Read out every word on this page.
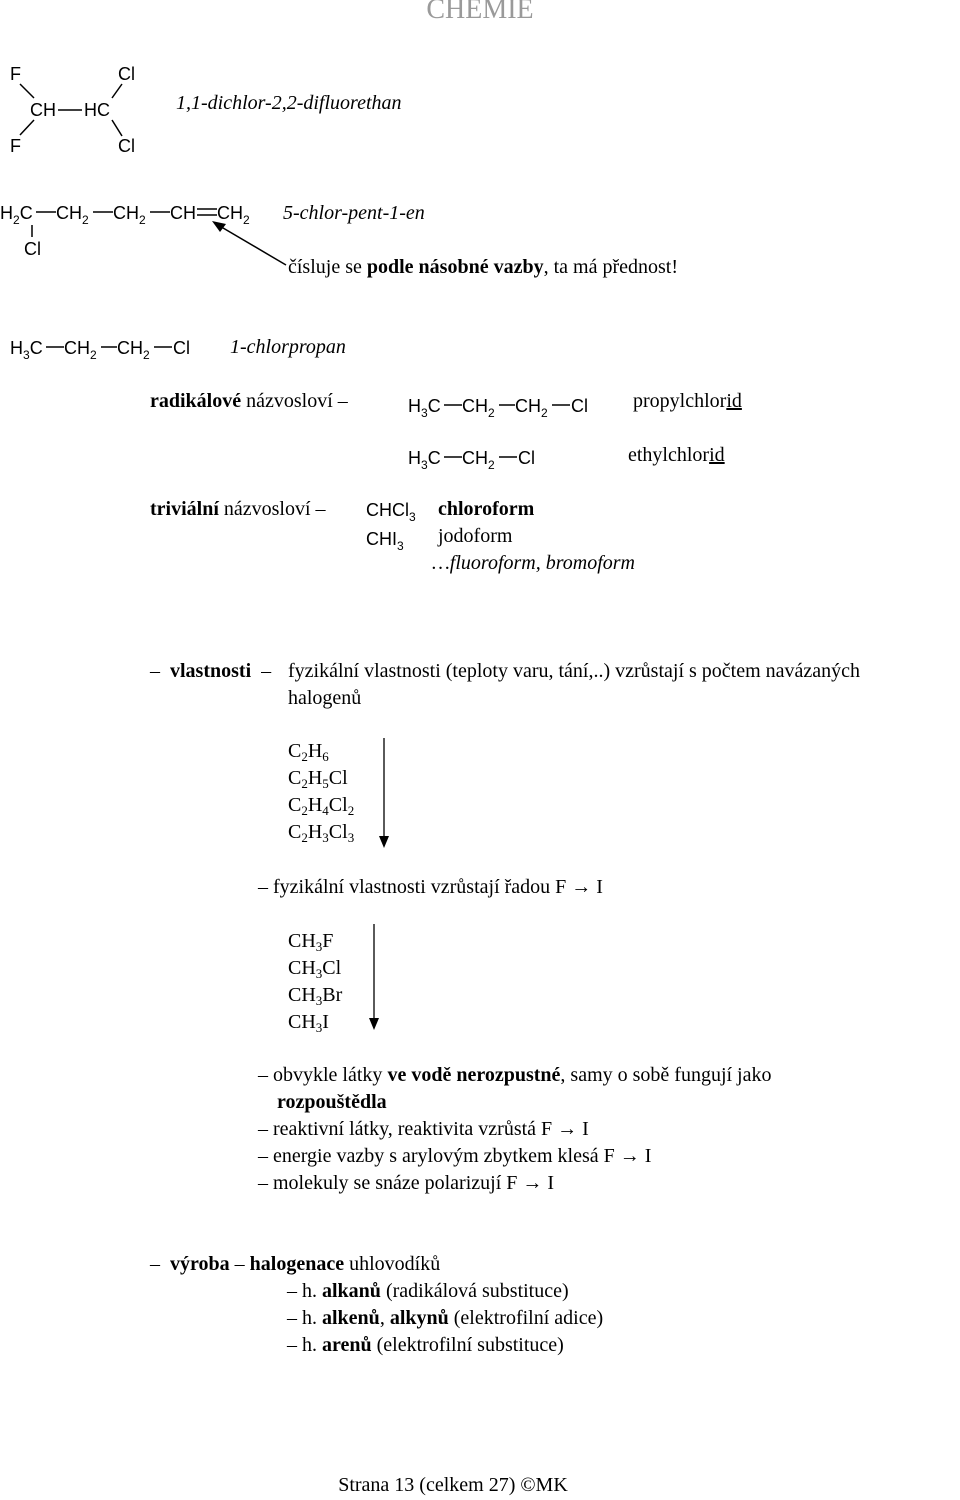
CHEMIE
F
F
Cl
Cl
CH HC	1,1-dichlor-2,2-difluorethan
$H_2C$ $CH_2$ $CH_2$ CH $CH_2$
Cl
5-chlor-pent-1-en
čísluje se podle násobné vazby, ta má přednost!
$H_3C$ $CH_2$ $CH_2$ Cl 1-chlorpropan
radikálové názvosloví –	$H_3C$ $CH_2$ $CH_2$ Cl propylchlorid
$H_3C$ $CH_2$ Cl	ethylchlorid
triviální názvosloví – CHCl$_3$ chloroform
$CHI_3$ jodoform
…fluoroform, bromoform
– vlastnosti – fyzikální vlastnosti (teploty varu, tání,..) vzrůstají s počtem navázaných
halogenů
$C_2H_6$
$C_2H_5Cl$
$C_2H_4Cl_2$
$C_2H_3Cl_3$
– fyzikální vlastnosti vzrůstají řadou F → I
$CH_3F$
$CH_3Cl$
$CH_3Br$
$CH_3I$
– obvykle látky ve vodě nerozpustné, samy o sobě fungují jako
rozpouštědla
– reaktivní látky, reaktivita vzrůstá F → I
– energie vazby s arylovým zbytkem klesá F → I
– molekuly se snáze polarizují F → I
– výroba – halogenace uhlovodíků
– h. alkanů (radikálová substituce)
– h. alkenů, alkynů (elektrofilní adice)
– h. arenů (elektrofilní substituce)
Strana 13 (celkem 27) ©MK
